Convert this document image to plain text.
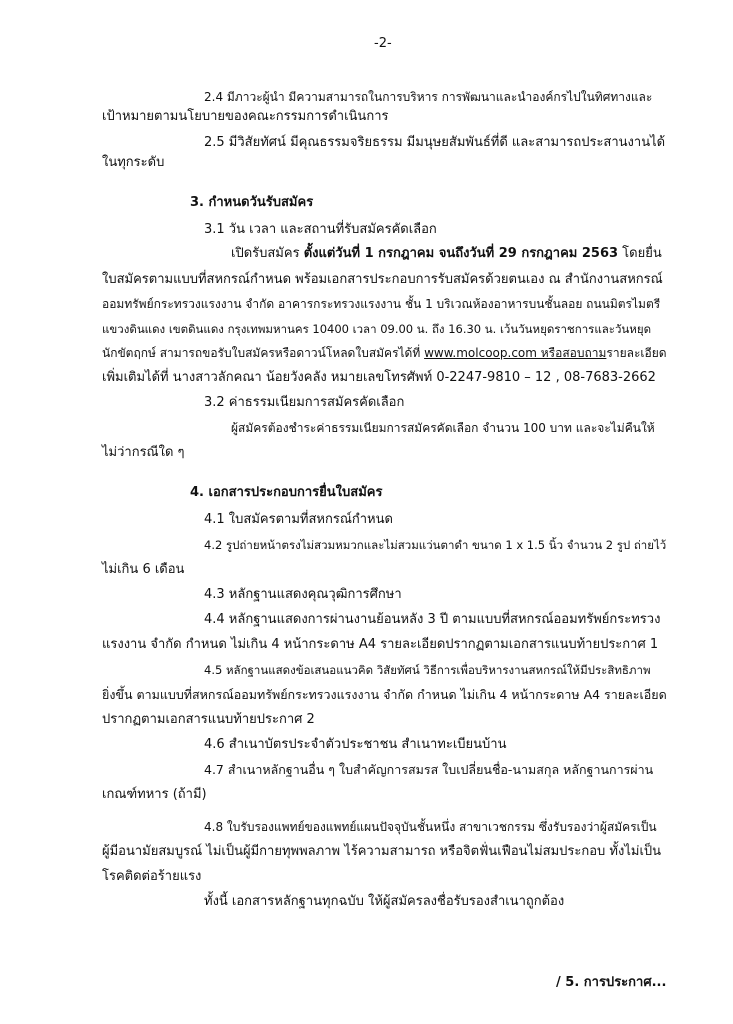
-2-
2.4 มีภาวะผู้นำ มีความสามารถในการบริหาร การพัฒนาและนำองค์กรไปในทิศทางและ
เป้าหมายตามนโยบายของคณะกรรมการดำเนินการ
2.5 มีวิสัยทัศน์ มีคุณธรรมจริยธรรม มีมนุษยสัมพันธ์ที่ดี และสามารถประสานงานได้
ในทุกระดับ
3. กำหนดวันรับสมัคร
3.1 วัน เวลา และสถานที่รับสมัครคัดเลือก
เปิดรับสมัคร ตั้งแต่วันที่ 1 กรกฎาคม จนถึงวันที่ 29 กรกฎาคม 2563 โดยยื่น
ใบสมัครตามแบบที่สหกรณ์กำหนด พร้อมเอกสารประกอบการรับสมัครด้วยตนเอง ณ สำนักงานสหกรณ์
ออมทรัพย์กระทรวงแรงงาน จำกัด อาคารกระทรวงแรงงาน ชั้น 1 บริเวณห้องอาหารบนชั้นลอย ถนนมิตรไมตรี
แขวงดินแดง เขตดินแดง กรุงเทพมหานคร 10400 เวลา 09.00 น. ถึง 16.30 น. เว้นวันหยุดราชการและวันหยุด
นักขัตฤกษ์ สามารถขอรับใบสมัครหรือดาวน์โหลดใบสมัครได้ที่ www.molcoop.com หรือสอบถามรายละเอียด
เพิ่มเติมได้ที่ นางสาวลักคณา น้อยวังคลัง หมายเลขโทรศัพท์ 0-2247-9810 – 12 , 08-7683-2662
3.2 ค่าธรรมเนียมการสมัครคัดเลือก
ผู้สมัครต้องชำระค่าธรรมเนียมการสมัครคัดเลือก จำนวน 100 บาท และจะไม่คืนให้
ไม่ว่ากรณีใด ๆ
4. เอกสารประกอบการยื่นใบสมัคร
4.1 ใบสมัครตามที่สหกรณ์กำหนด
4.2 รูปถ่ายหน้าตรงไม่สวมหมวกและไม่สวมแว่นตาดำ ขนาด 1 x 1.5 นิ้ว จำนวน 2 รูป ถ่ายไว้
ไม่เกิน 6 เดือน
4.3 หลักฐานแสดงคุณวุฒิการศึกษา
4.4 หลักฐานแสดงการผ่านงานย้อนหลัง 3 ปี ตามแบบที่สหกรณ์ออมทรัพย์กระทรวง
แรงงาน จำกัด กำหนด ไม่เกิน 4 หน้ากระดาษ A4 รายละเอียดปรากฏตามเอกสารแนบท้ายประกาศ 1
4.5 หลักฐานแสดงข้อเสนอแนวคิด วิสัยทัศน์ วิธีการเพื่อบริหารงานสหกรณ์ให้มีประสิทธิภาพ
ยิ่งขึ้น ตามแบบที่สหกรณ์ออมทรัพย์กระทรวงแรงงาน จำกัด กำหนด ไม่เกิน 4 หน้ากระดาษ A4 รายละเอียด
ปรากฏตามเอกสารแนบท้ายประกาศ 2
4.6 สำเนาบัตรประจำตัวประชาชน สำเนาทะเบียนบ้าน
4.7 สำเนาหลักฐานอื่น ๆ ใบสำคัญการสมรส ใบเปลี่ยนชื่อ-นามสกุล หลักฐานการผ่าน
เกณฑ์ทหาร (ถ้ามี)
4.8 ใบรับรองแพทย์ของแพทย์แผนปัจจุบันชั้นหนึ่ง สาขาเวชกรรม ซึ่งรับรองว่าผู้สมัครเป็น
ผู้มีอนามัยสมบูรณ์ ไม่เป็นผู้มีกายทุพพลภาพ ไร้ความสามารถ หรือจิตฟั่นเฟือนไม่สมประกอบ ทั้งไม่เป็น
โรคติดต่อร้ายแรง
ทั้งนี้ เอกสารหลักฐานทุกฉบับ ให้ผู้สมัครลงชื่อรับรองสำเนาถูกต้อง
/ 5. การประกาศ...
